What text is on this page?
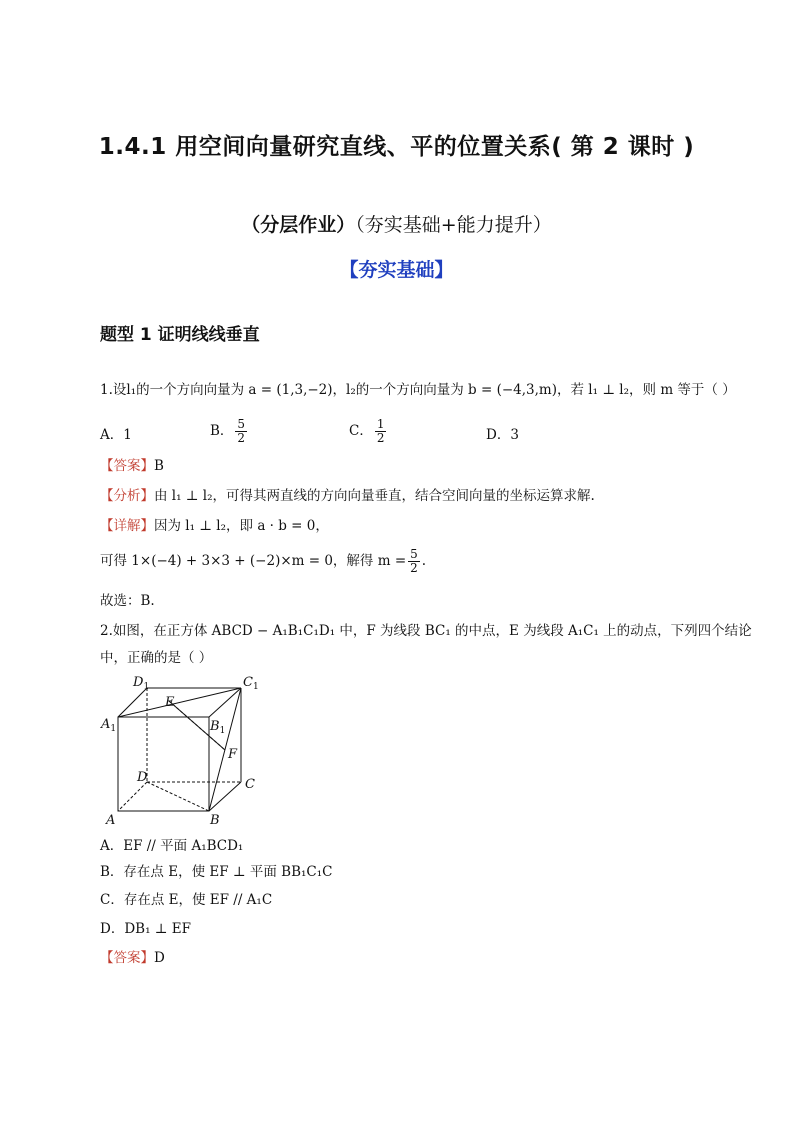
1.4.1 用空间向量研究直线、平的位置关系( 第 2 课时 )
（分层作业）（夯实基础+能力提升）
【夯实基础】
题型 1 证明线线垂直
1.设l₁的一个方向向量为 a = (1,3,−2)，l₂的一个方向向量为 b = (−4,3,m)，若 l₁ ⊥ l₂，则 m 等于（ ）
A．1	B． $\frac{5}{2}$	C． $\frac{1}{2}$	D．3
【答案】B
【分析】由 l₁ ⊥ l₂，可得其两直线的方向向量垂直，结合空间向量的坐标运算求解.
【详解】因为 l₁ ⊥ l₂，即 a · b = 0，
可得 1×(−4) + 3×3 + (−2)×m = 0，解得 $m = \frac{5}{2}$ .
故选：B.
2.如图，在正方体 ABCD − A₁B₁C₁D₁ 中，F 为线段 BC₁ 的中点，E 为线段 A₁C₁ 上的动点，下列四个结论
中，正确的是（ ）
$D_1$	$C_1$
$A_1$	$B_1$
E
F
D	C
A	B
A．EF // 平面 A₁BCD₁
B．存在点 E，使 EF ⊥ 平面 BB₁C₁C
C．存在点 E，使 EF // A₁C
D．DB₁ ⊥ EF
【答案】D
